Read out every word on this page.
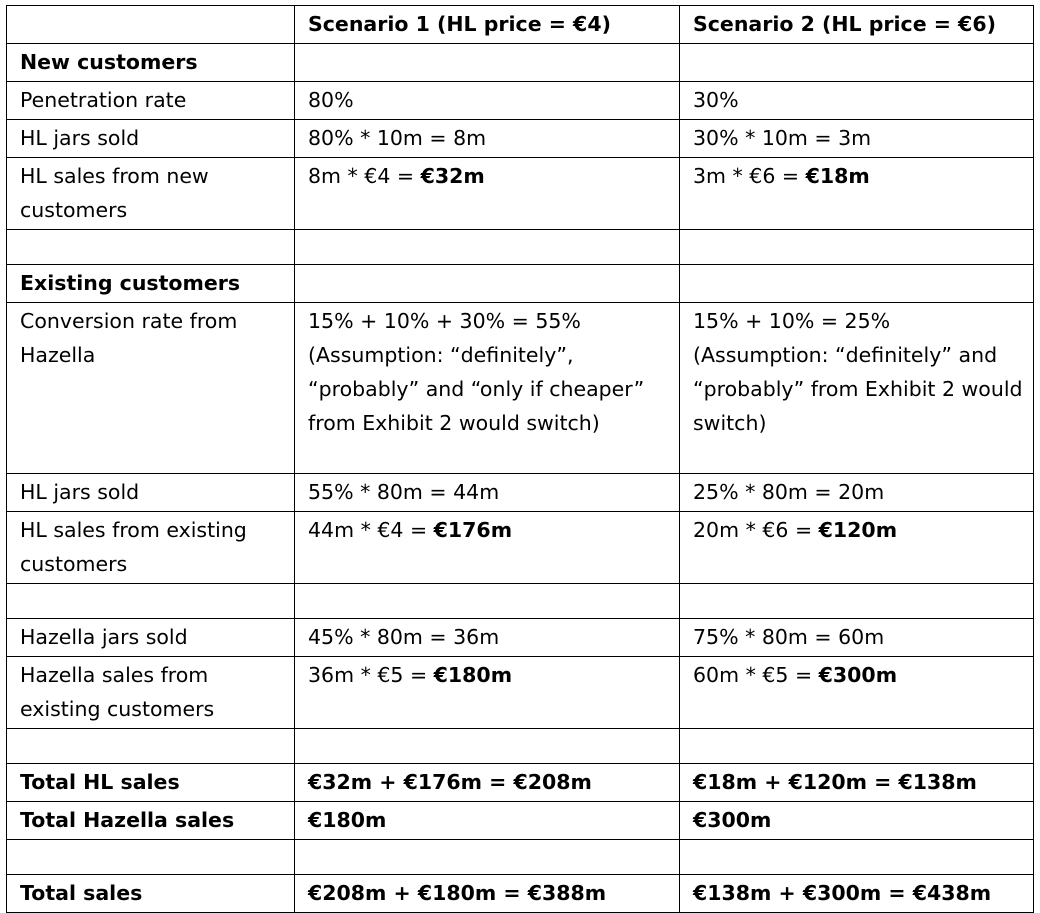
	Scenario 1 (HL price = €4)	Scenario 2 (HL price = €6)
New customers		
Penetration rate	80%	30%
HL jars sold	80% * 10m = 8m	30% * 10m = 3m
HL sales from new customers	8m * €4 = €32m	3m * €6 = €18m

Existing customers		
Conversion rate from Hazella	15% + 10% + 30% = 55% (Assumption: “definitely”, “probably” and “only if cheaper” from Exhibit 2 would switch)	15% + 10% = 25% (Assumption: “definitely” and “probably” from Exhibit 2 would switch)
HL jars sold	55% * 80m = 44m	25% * 80m = 20m
HL sales from existing customers	44m * €4 = €176m	20m * €6 = €120m

Hazella jars sold	45% * 80m = 36m	75% * 80m = 60m
Hazella sales from existing customers	36m * €5 = €180m	60m * €5 = €300m

Total HL sales	€32m + €176m = €208m	€18m + €120m = €138m
Total Hazella sales	€180m	€300m

Total sales	€208m + €180m = €388m	€138m + €300m = €438m
